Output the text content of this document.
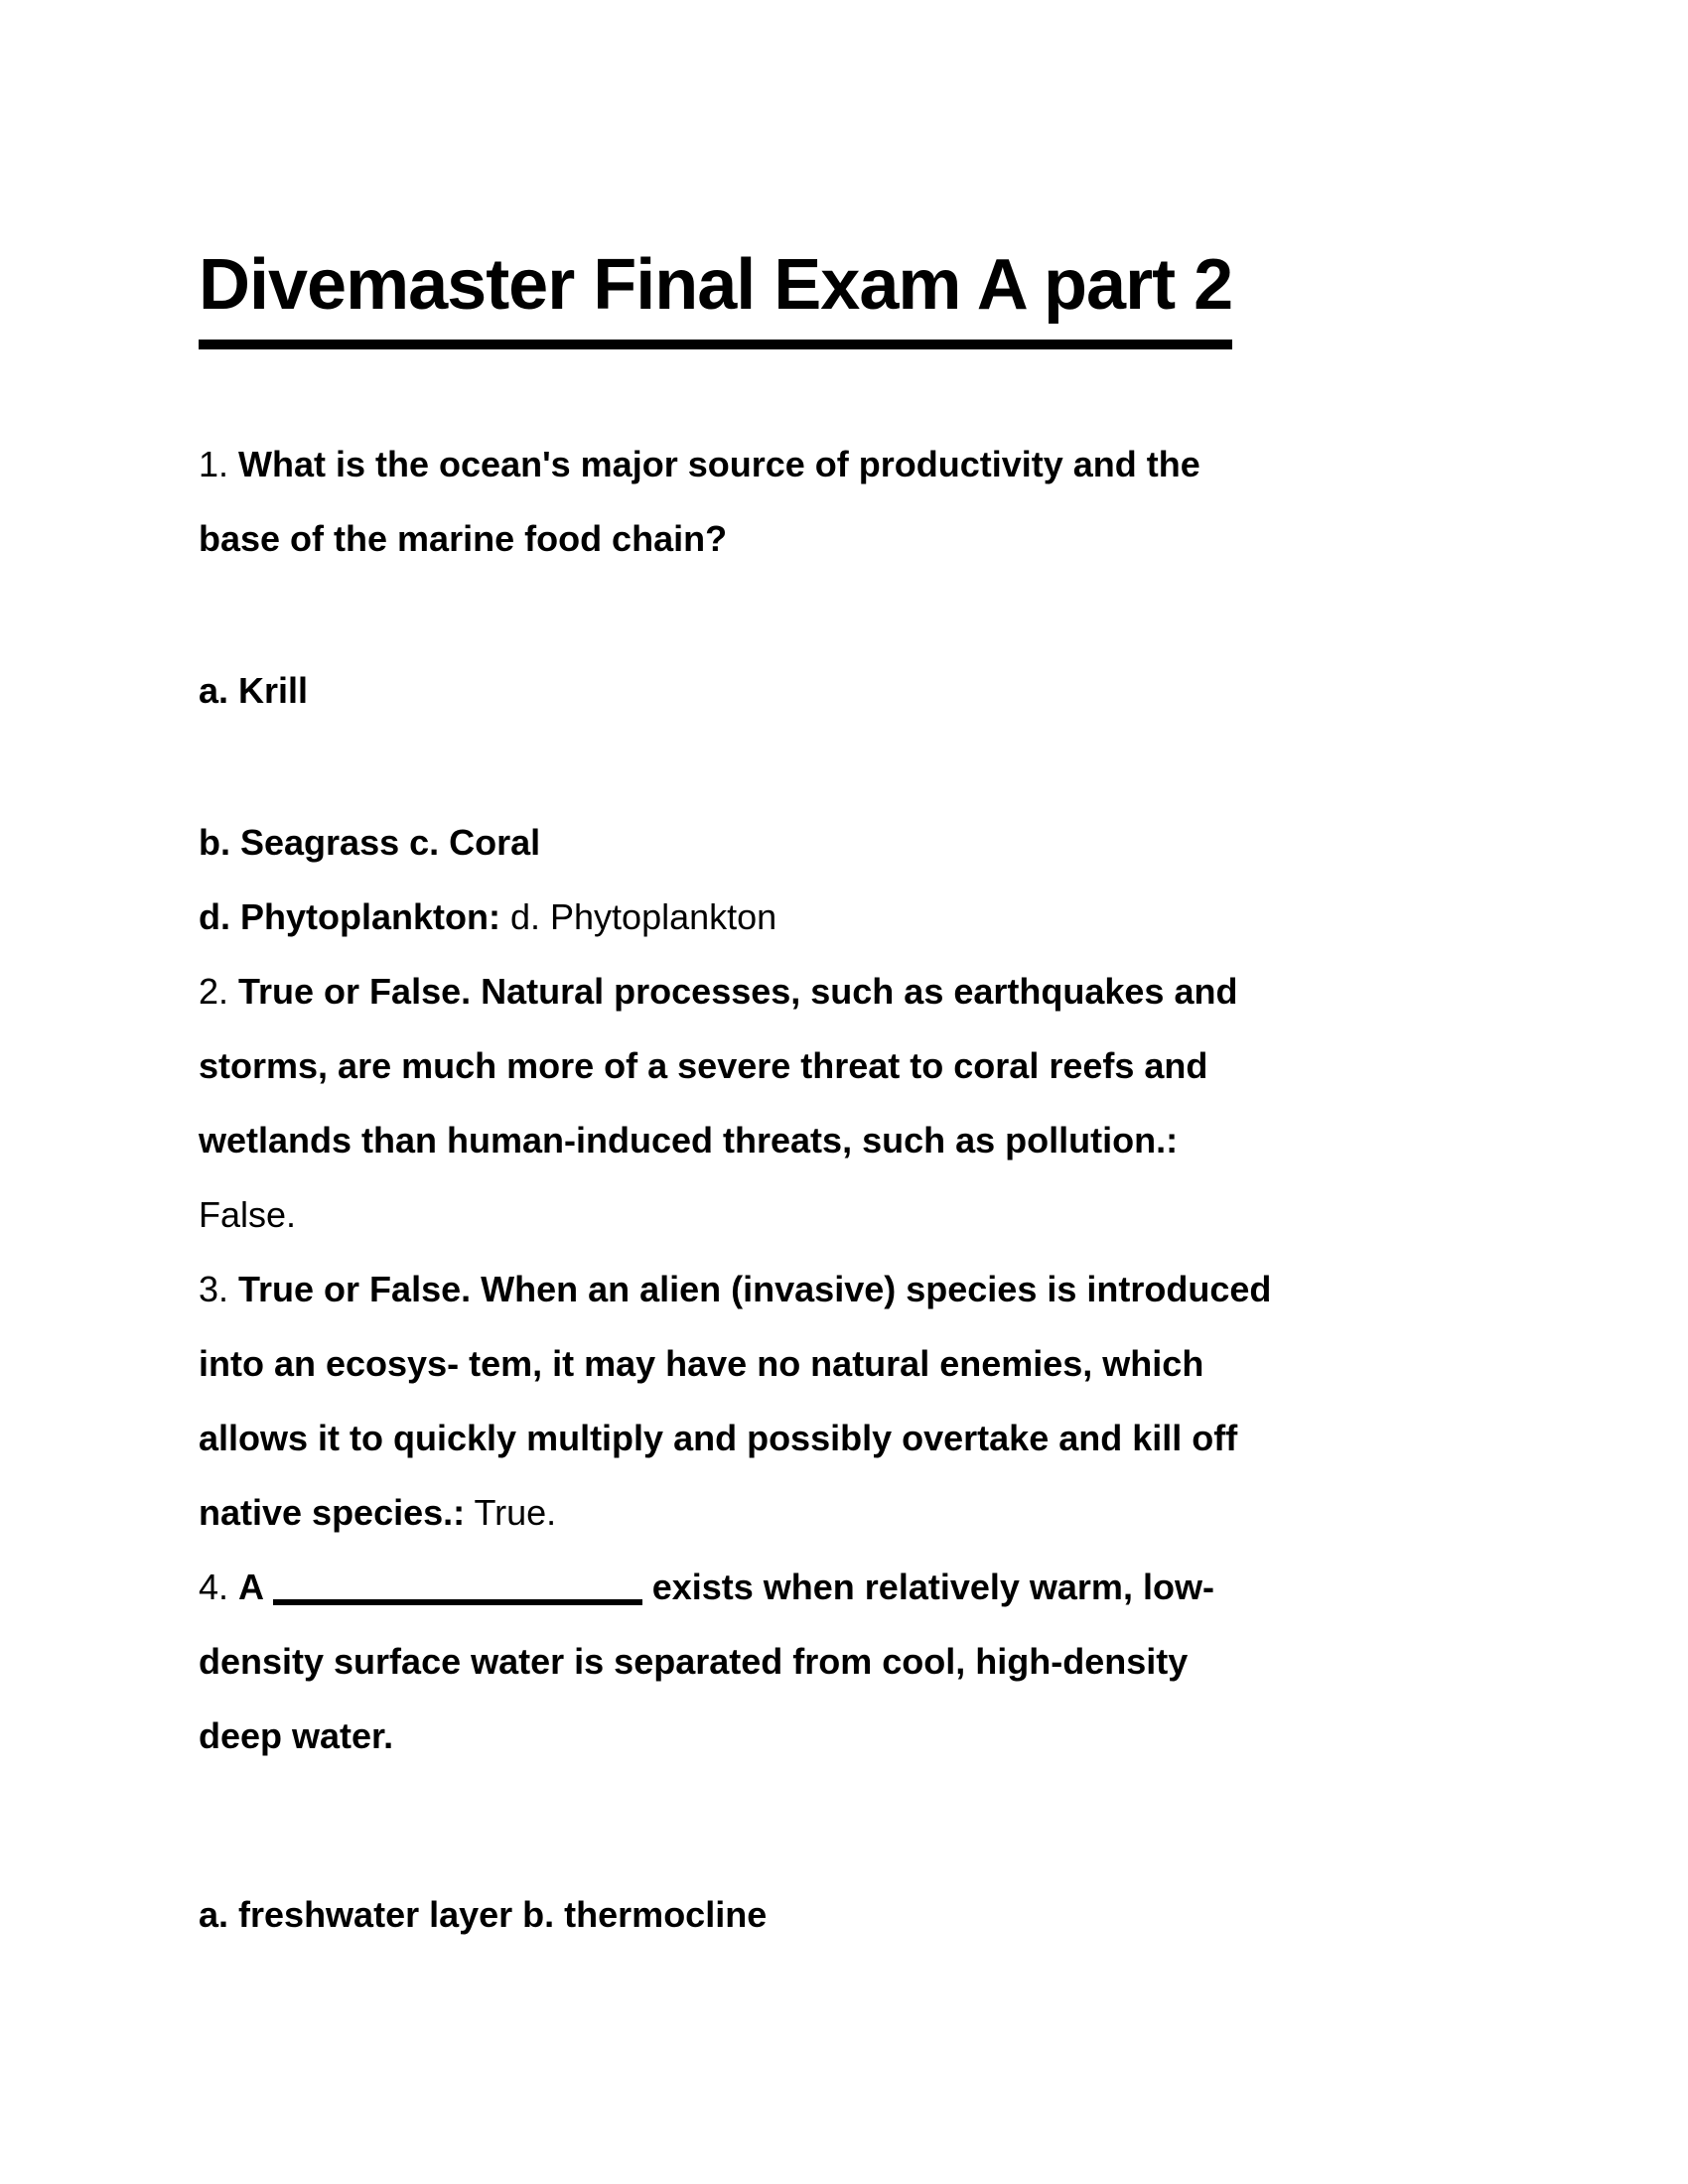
Divemaster Final Exam A part 2
1. What is the ocean's major source of productivity and the
base of the marine food chain?
a. Krill
b. Seagrass c. Coral
d. Phytoplankton: d. Phytoplankton
2. True or False. Natural processes, such as earthquakes and
storms, are much more of a severe threat to coral reefs and
wetlands than human-induced threats, such as pollution.:
False.
3. True or False. When an alien (invasive) species is introduced
into an ecosys- tem, it may have no natural enemies, which
allows it to quickly multiply and possibly overtake and kill off
native species.: True.
4. A	exists when relatively warm, low-
density surface water is separated from cool, high-density
deep water.
a. freshwater layer b. thermocline
